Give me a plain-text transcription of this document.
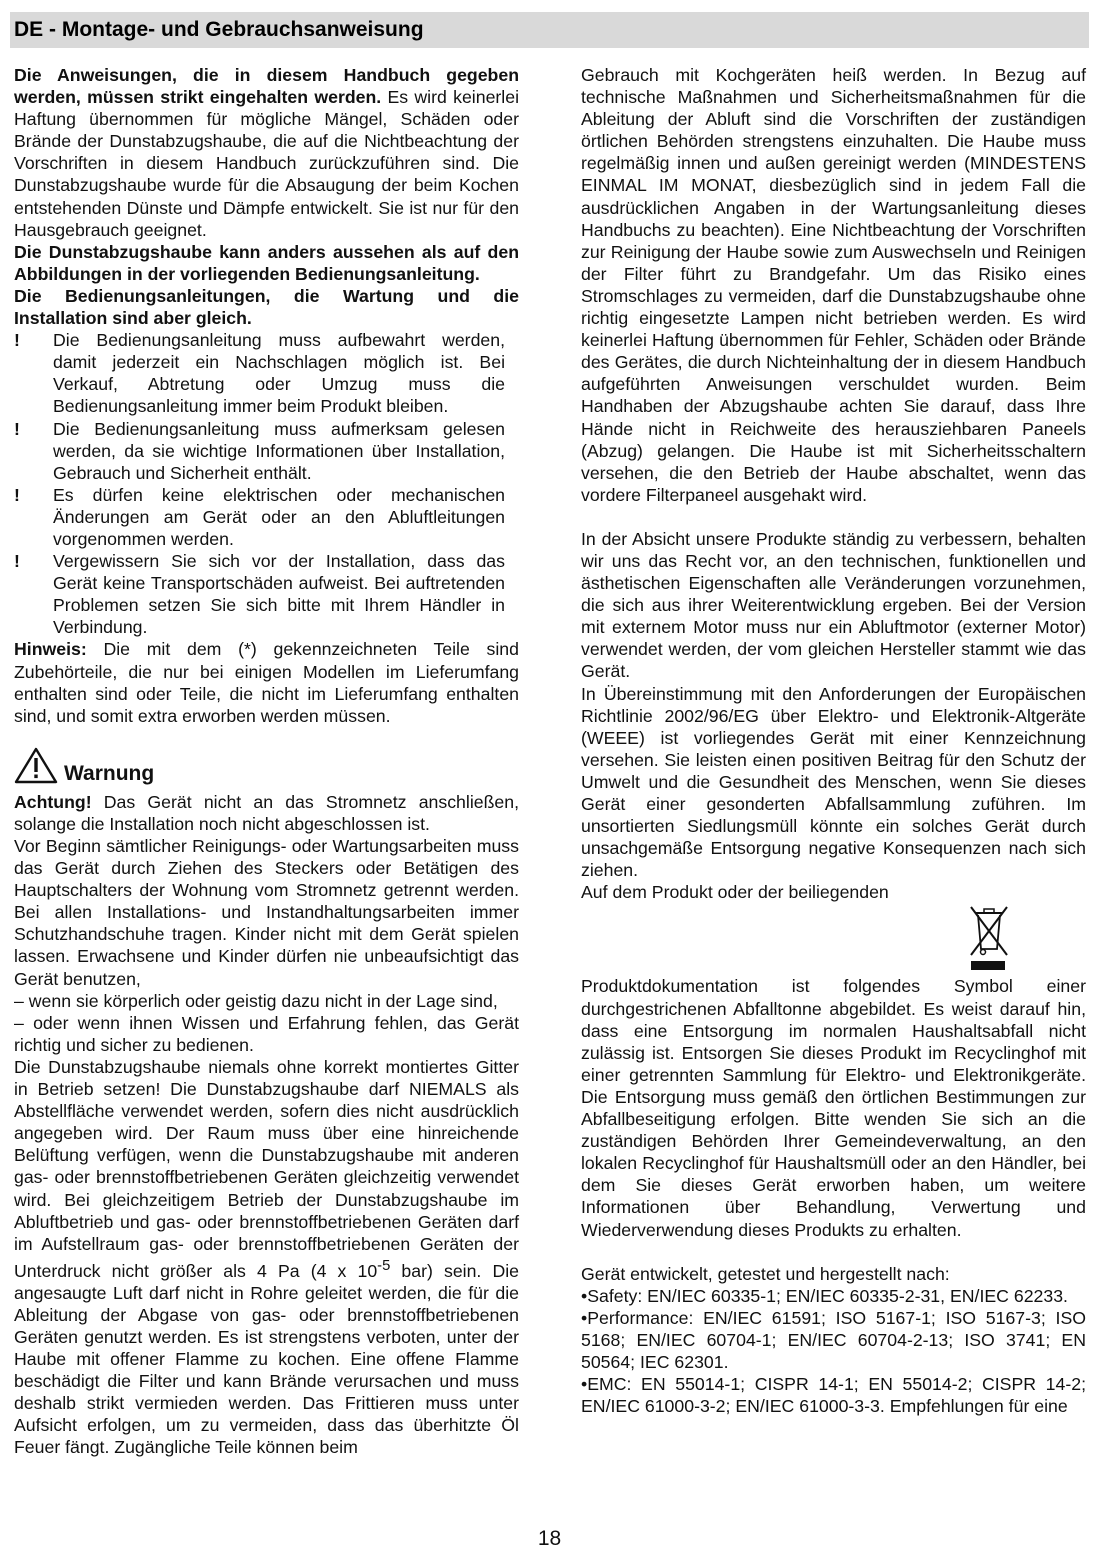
DE - Montage- und Gebrauchsanweisung

Die Anweisungen, die in diesem Handbuch gegeben werden, müssen strikt eingehalten werden. Es wird keinerlei Haftung übernommen für mögliche Mängel, Schäden oder Brände der Dunstabzugshaube, die auf die Nichtbeachtung der Vorschriften in diesem Handbuch zurückzuführen sind. Die Dunstabzugshaube wurde für die Absaugung der beim Kochen entstehenden Dünste und Dämpfe entwickelt. Sie ist nur für den Hausgebrauch geeignet.

Die Dunstabzugshaube kann anders aussehen als auf den Abbildungen in der vorliegenden Bedienungsanleitung.

Die Bedienungsanleitungen, die Wartung und die Installation sind aber gleich.

! Die Bedienungsanleitung muss aufbewahrt werden, damit jederzeit ein Nachschlagen möglich ist. Bei Verkauf, Abtretung oder Umzug muss die Bedienungsanleitung immer beim Produkt bleiben.
! Die Bedienungsanleitung muss aufmerksam gelesen werden, da sie wichtige Informationen über Installation, Gebrauch und Sicherheit enthält.
! Es dürfen keine elektrischen oder mechanischen Änderungen am Gerät oder an den Abluftleitungen vorgenommen werden.
! Vergewissern Sie sich vor der Installation, dass das Gerät keine Transportschäden aufweist. Bei auftretenden Problemen setzen Sie sich bitte mit Ihrem Händler in Verbindung.

Hinweis: Die mit dem (*) gekennzeichneten Teile sind Zubehörteile, die nur bei einigen Modellen im Lieferumfang enthalten sind oder Teile, die nicht im Lieferumfang enthalten sind, und somit extra erworben werden müssen.

Warnung

Achtung! Das Gerät nicht an das Stromnetz anschließen, solange die Installation noch nicht abgeschlossen ist.

Vor Beginn sämtlicher Reinigungs- oder Wartungsarbeiten muss das Gerät durch Ziehen des Steckers oder Betätigen des Hauptschalters der Wohnung vom Stromnetz getrennt werden. Bei allen Installations- und Instandhaltungsarbeiten immer Schutzhandschuhe tragen. Kinder nicht mit dem Gerät spielen lassen. Erwachsene und Kinder dürfen nie unbeaufsichtigt das Gerät benutzen,

– wenn sie körperlich oder geistig dazu nicht in der Lage sind,

– oder wenn ihnen Wissen und Erfahrung fehlen, das Gerät richtig und sicher zu bedienen.

Die Dunstabzugshaube niemals ohne korrekt montiertes Gitter in Betrieb setzen! Die Dunstabzugshaube darf NIEMALS als Abstellfläche verwendet werden, sofern dies nicht ausdrücklich angegeben wird. Der Raum muss über eine hinreichende Belüftung verfügen, wenn die Dunstabzugshaube mit anderen gas- oder brennstoffbetriebenen Geräten gleichzeitig verwendet wird. Bei gleichzeitigem Betrieb der Dunstabzugshaube im Abluftbetrieb und gas- oder brennstoffbetriebenen Geräten darf im Aufstellraum gas- oder brennstoffbetriebenen Geräten der Unterdruck nicht größer als 4 Pa (4 x $10^{-5}$ bar) sein. Die angesaugte Luft darf nicht in Rohre geleitet werden, die für die Ableitung der Abgase von gas- oder brennstoffbetriebenen Geräten genutzt werden. Es ist strengstens verboten, unter der Haube mit offener Flamme zu kochen. Eine offene Flamme beschädigt die Filter und kann Brände verursachen und muss deshalb strikt vermieden werden. Das Frittieren muss unter Aufsicht erfolgen, um zu vermeiden, dass das überhitzte Öl Feuer fängt. Zugängliche Teile können beim

Gebrauch mit Kochgeräten heiß werden. In Bezug auf technische Maßnahmen und Sicherheitsmaßnahmen für die Ableitung der Abluft sind die Vorschriften der zuständigen örtlichen Behörden strengstens einzuhalten. Die Haube muss regelmäßig innen und außen gereinigt werden (MINDESTENS EINMAL IM MONAT, diesbezüglich sind in jedem Fall die ausdrücklichen Angaben in der Wartungsanleitung dieses Handbuchs zu beachten). Eine Nichtbeachtung der Vorschriften zur Reinigung der Haube sowie zum Auswechseln und Reinigen der Filter führt zu Brandgefahr. Um das Risiko eines Stromschlages zu vermeiden, darf die Dunstabzugshaube ohne richtig eingesetzte Lampen nicht betrieben werden. Es wird keinerlei Haftung übernommen für Fehler, Schäden oder Brände des Gerätes, die durch Nichteinhaltung der in diesem Handbuch aufgeführten Anweisungen verschuldet wurden. Beim Handhaben der Abzugshaube achten Sie darauf, dass Ihre Hände nicht in Reichweite des herausziehbaren Paneels (Abzug) gelangen. Die Haube ist mit Sicherheitsschaltern versehen, die den Betrieb der Haube abschaltet, wenn das vordere Filterpaneel ausgehakt wird.

In der Absicht unsere Produkte ständig zu verbessern, behalten wir uns das Recht vor, an den technischen, funktionellen und ästhetischen Eigenschaften alle Veränderungen vorzunehmen, die sich aus ihrer Weiterentwicklung ergeben. Bei der Version mit externem Motor muss nur ein Abluftmotor (externer Motor) verwendet werden, der vom gleichen Hersteller stammt wie das Gerät.

In Übereinstimmung mit den Anforderungen der Europäischen Richtlinie 2002/96/EG über Elektro- und Elektronik-Altgeräte (WEEE) ist vorliegendes Gerät mit einer Kennzeichnung versehen. Sie leisten einen positiven Beitrag für den Schutz der Umwelt und die Gesundheit des Menschen, wenn Sie dieses Gerät einer gesonderten Abfallsammlung zuführen. Im unsortierten Siedlungsmüll könnte ein solches Gerät durch unsachgemäße Entsorgung negative Konsequenzen nach sich ziehen.

Auf dem Produkt oder der beiliegenden

Produktdokumentation ist folgendes Symbol einer durchgestrichenen Abfalltonne abgebildet. Es weist darauf hin, dass eine Entsorgung im normalen Haushaltsabfall nicht zulässig ist. Entsorgen Sie dieses Produkt im Recyclinghof mit einer getrennten Sammlung für Elektro- und Elektronikgeräte. Die Entsorgung muss gemäß den örtlichen Bestimmungen zur Abfallbeseitigung erfolgen. Bitte wenden Sie sich an die zuständigen Behörden Ihrer Gemeindeverwaltung, an den lokalen Recyclinghof für Haushaltsmüll oder an den Händler, bei dem Sie dieses Gerät erworben haben, um weitere Informationen über Behandlung, Verwertung und Wiederverwendung dieses Produkts zu erhalten.

Gerät entwickelt, getestet und hergestellt nach:

•Safety: EN/IEC 60335-1; EN/IEC 60335-2-31, EN/IEC 62233.

•Performance: EN/IEC 61591; ISO 5167-1; ISO 5167-3; ISO 5168; EN/IEC 60704-1; EN/IEC 60704-2-13; ISO 3741; EN 50564; IEC 62301.

•EMC: EN 55014-1; CISPR 14-1; EN 55014-2; CISPR 14-2; EN/IEC 61000-3-2; EN/IEC 61000-3-3. Empfehlungen für eine

18
